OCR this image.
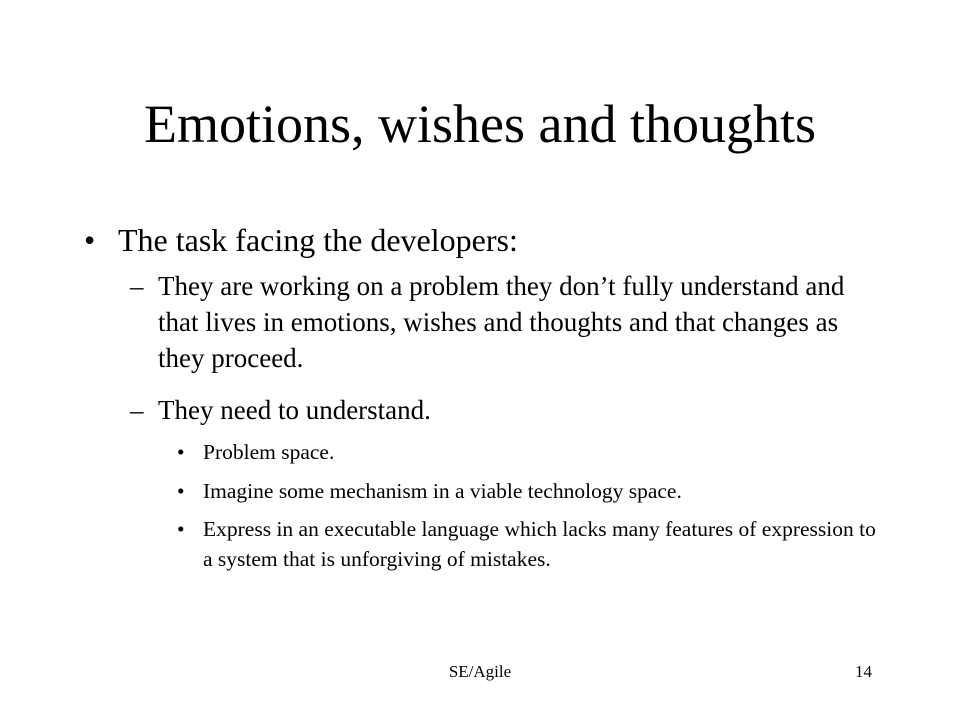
Emotions, wishes and thoughts
• The task facing the developers:
– They are working on a problem they don’t fully understand and that lives in emotions, wishes and thoughts and that changes as they proceed.
– They need to understand.
• Problem space.
• Imagine some mechanism in a viable technology space.
• Express in an executable language which lacks many features of expression to a system that is unforgiving of mistakes.
SE/Agile	14
